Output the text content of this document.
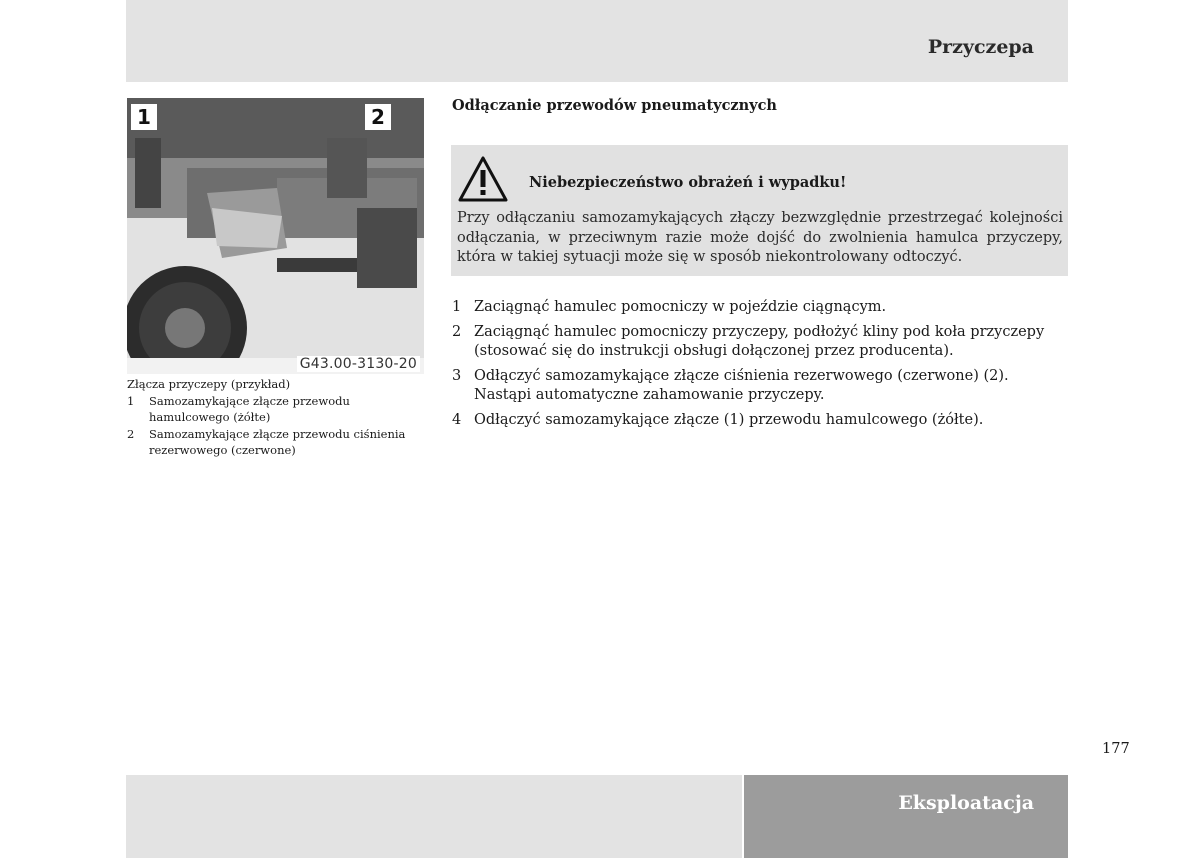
Przyczepa
1	2
G43.00-3130-20
Złącza przyczepy (przykład)
1	Samozamykające złącze przewodu hamulcowego (żółte)
2	Samozamykające złącze przewodu ciśnienia rezerwowego (czerwone)
Odłączanie przewodów pneumatycznych
Niebezpieczeństwo obrażeń i wypadku!
Przy odłączaniu samozamykających złączy bezwzględnie przestrzegać kolejności odłączania, w przeciwnym razie może dojść do zwolnienia hamulca przyczepy, która w takiej sytuacji może się w sposób niekontrolowany odtoczyć.
1 Zaciągnąć hamulec pomocniczy w pojeździe ciągnącym.
2 Zaciągnąć hamulec pomocniczy przyczepy, podłożyć kliny pod koła przyczepy (stosować się do instrukcji obsługi dołączonej przez producenta).
3 Odłączyć samozamykające złącze ciśnienia rezerwowego (czerwone) (2). Nastąpi automatyczne zahamowanie przyczepy.
4 Odłączyć samozamykające złącze (1) przewodu hamulcowego (żółte).
177
Eksploatacja
